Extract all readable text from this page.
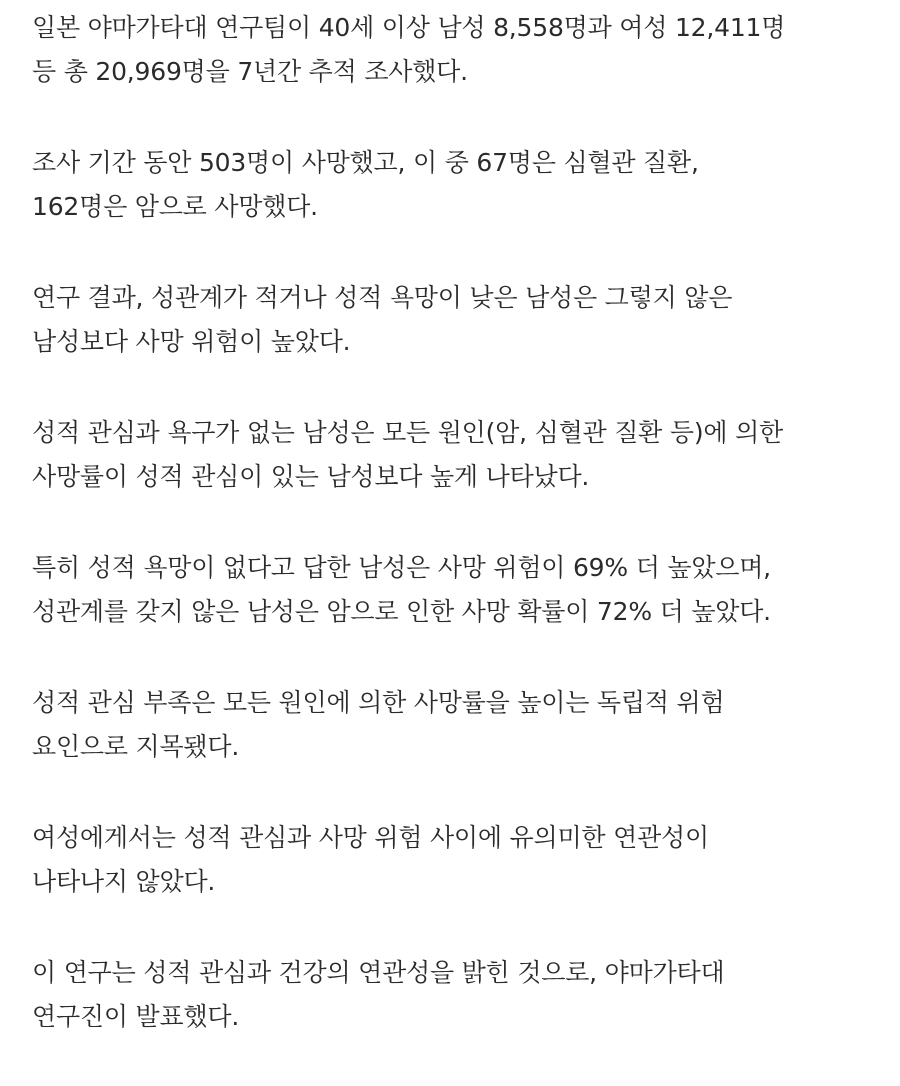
일본 야마가타대 연구팀이 40세 이상 남성 8,558명과 여성 12,411명
등 총 20,969명을 7년간 추적 조사했다.

조사 기간 동안 503명이 사망했고, 이 중 67명은 심혈관 질환,
162명은 암으로 사망했다.

연구 결과, 성관계가 적거나 성적 욕망이 낮은 남성은 그렇지 않은
남성보다 사망 위험이 높았다.

성적 관심과 욕구가 없는 남성은 모든 원인(암, 심혈관 질환 등)에 의한
사망률이 성적 관심이 있는 남성보다 높게 나타났다.

특히 성적 욕망이 없다고 답한 남성은 사망 위험이 69% 더 높았으며,
성관계를 갖지 않은 남성은 암으로 인한 사망 확률이 72% 더 높았다.

성적 관심 부족은 모든 원인에 의한 사망률을 높이는 독립적 위험
요인으로 지목됐다.

여성에게서는 성적 관심과 사망 위험 사이에 유의미한 연관성이
나타나지 않았다.

이 연구는 성적 관심과 건강의 연관성을 밝힌 것으로, 야마가타대
연구진이 발표했다.
